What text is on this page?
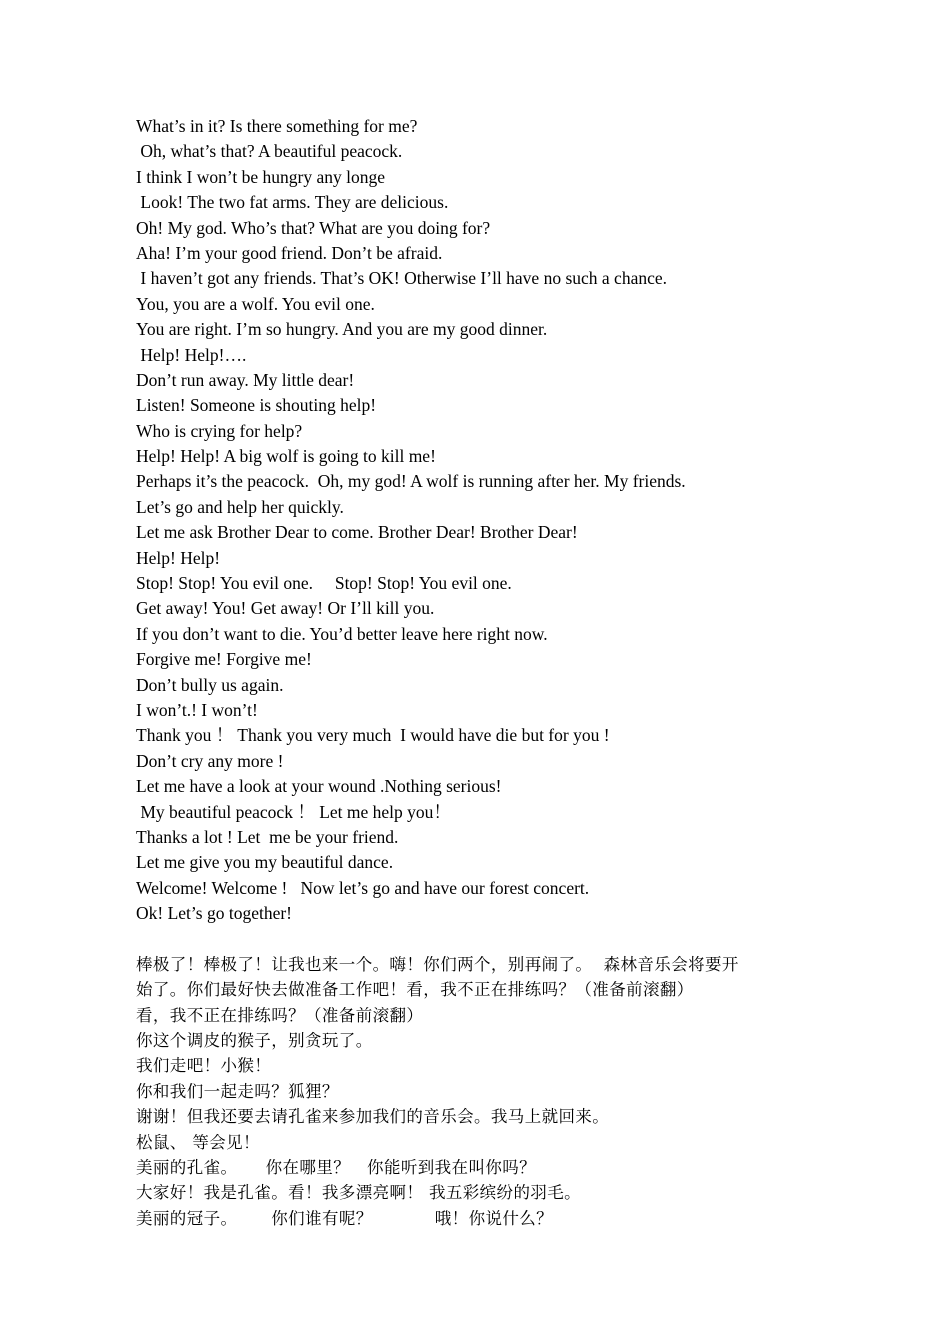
What’s in it? Is there something for me?
Oh, what’s that? A beautiful peacock.
I think I won’t be hungry any longe
Look! The two fat arms. They are delicious.
Oh! My god. Who’s that? What are you doing for?
Aha! I’m your good friend. Don’t be afraid.
I haven’t got any friends. That’s OK! Otherwise I’ll have no such a chance.
You, you are a wolf. You evil one.
You are right. I’m so hungry. And you are my good dinner.
Help! Help!….
Don’t run away. My little dear!
Listen! Someone is shouting help!
Who is crying for help?
Help! Help! A big wolf is going to kill me!
Perhaps it’s the peacock.  Oh, my god! A wolf is running after her. My friends.
Let’s go and help her quickly.
Let me ask Brother Dear to come. Brother Dear! Brother Dear!
Help! Help!
Stop! Stop! You evil one.     Stop! Stop! You evil one.
Get away! You! Get away! Or I’ll kill you.
If you don’t want to die. You’d better leave here right now.
Forgive me! Forgive me!
Don’t bully us again.
I won’t.! I won’t!
Thank you ！ Thank you very much  I would have die but for you !
Don’t cry any more !
Let me have a look at your wound .Nothing serious!
My beautiful peacock ！ Let me help you！
Thanks a lot ! Let  me be your friend.
Let me give you my beautiful dance.
Welcome! Welcome !   Now let’s go and have our forest concert.
Ok! Let’s go together!
棒极了！棒极了！让我也来一个。嗨！你们两个，别再闹了。  森林音乐会将要开
始了。你们最好快去做准备工作吧！看，我不正在排练吗？（准备前滚翻）
看，我不正在排练吗？（准备前滚翻）
你这个调皮的猴子，别贪玩了。
我们走吧！小猴！
你和我们一起走吗？狐狸？
谢谢！但我还要去请孔雀来参加我们的音乐会。我马上就回来。
松鼠、 等会见！
美丽的孔雀。     你在哪里？   你能听到我在叫你吗？
大家好！我是孔雀。看！我多漂亮啊！ 我五彩缤纷的羽毛。
美丽的冠子。      你们谁有呢？           哦！你说什么？
